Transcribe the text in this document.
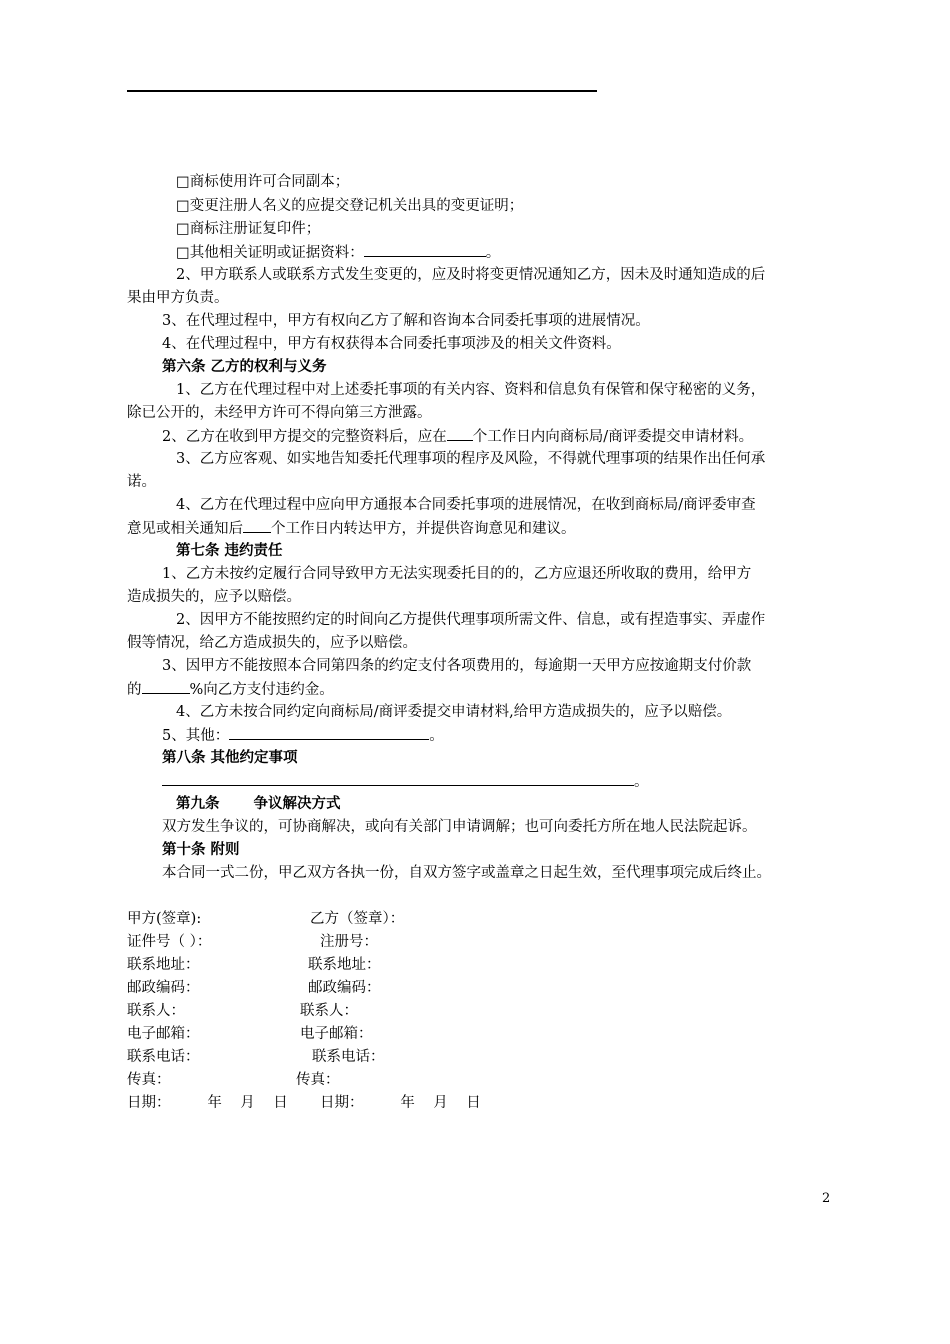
□商标使用许可合同副本；
□变更注册人名义的应提交登记机关出具的变更证明；
□商标注册证复印件；
□其他相关证明或证据资料：	。
2、甲方联系人或联系方式发生变更的，应及时将变更情况通知乙方，因未及时通知造成的后
果由甲方负责。
3、在代理过程中，甲方有权向乙方了解和咨询本合同委托事项的进展情况。
4、在代理过程中，甲方有权获得本合同委托事项涉及的相关文件资料。
第六条 乙方的权利与义务
1、乙方在代理过程中对上述委托事项的有关内容、资料和信息负有保管和保守秘密的义务，
除已公开的，未经甲方许可不得向第三方泄露。
2、乙方在收到甲方提交的完整资料后，应在 个工作日内向商标局/商评委提交申请材料。
3、乙方应客观、如实地告知委托代理事项的程序及风险，不得就代理事项的结果作出任何承
诺。
4、乙方在代理过程中应向甲方通报本合同委托事项的进展情况，在收到商标局/商评委审查
意见或相关通知后 个工作日内转达甲方，并提供咨询意见和建议。
第七条 违约责任
1、乙方未按约定履行合同导致甲方无法实现委托目的的，乙方应退还所收取的费用，给甲方
造成损失的，应予以赔偿。
2、因甲方不能按照约定的时间向乙方提供代理事项所需文件、信息，或有捏造事实、弄虚作
假等情况，给乙方造成损失的，应予以赔偿。
3、因甲方不能按照本合同第四条的约定支付各项费用的，每逾期一天甲方应按逾期支付价款
的	%向乙方支付违约金。
4、乙方未按合同约定向商标局/商评委提交申请材料,给甲方造成损失的，应予以赔偿。
5、其他：	。
第八条 其他约定事项
。
第九条 争议解决方式
双方发生争议的，可协商解决，或向有关部门申请调解；也可向委托方所在地人民法院起诉。
第十条 附则
本合同一式二份，甲乙双方各执一份，自双方签字或盖章之日起生效，至代理事项完成后终止。
甲方(签章):	乙方（签章）：
证件号（ ）：	注册号：
联系地址：	联系地址：
邮政编码：	邮政编码：
联系人：	联系人：
电子邮箱：	电子邮箱：
联系电话：	联系电话：
传真：	传真：
日期：        年    月    日 日期：        年    月    日
2
